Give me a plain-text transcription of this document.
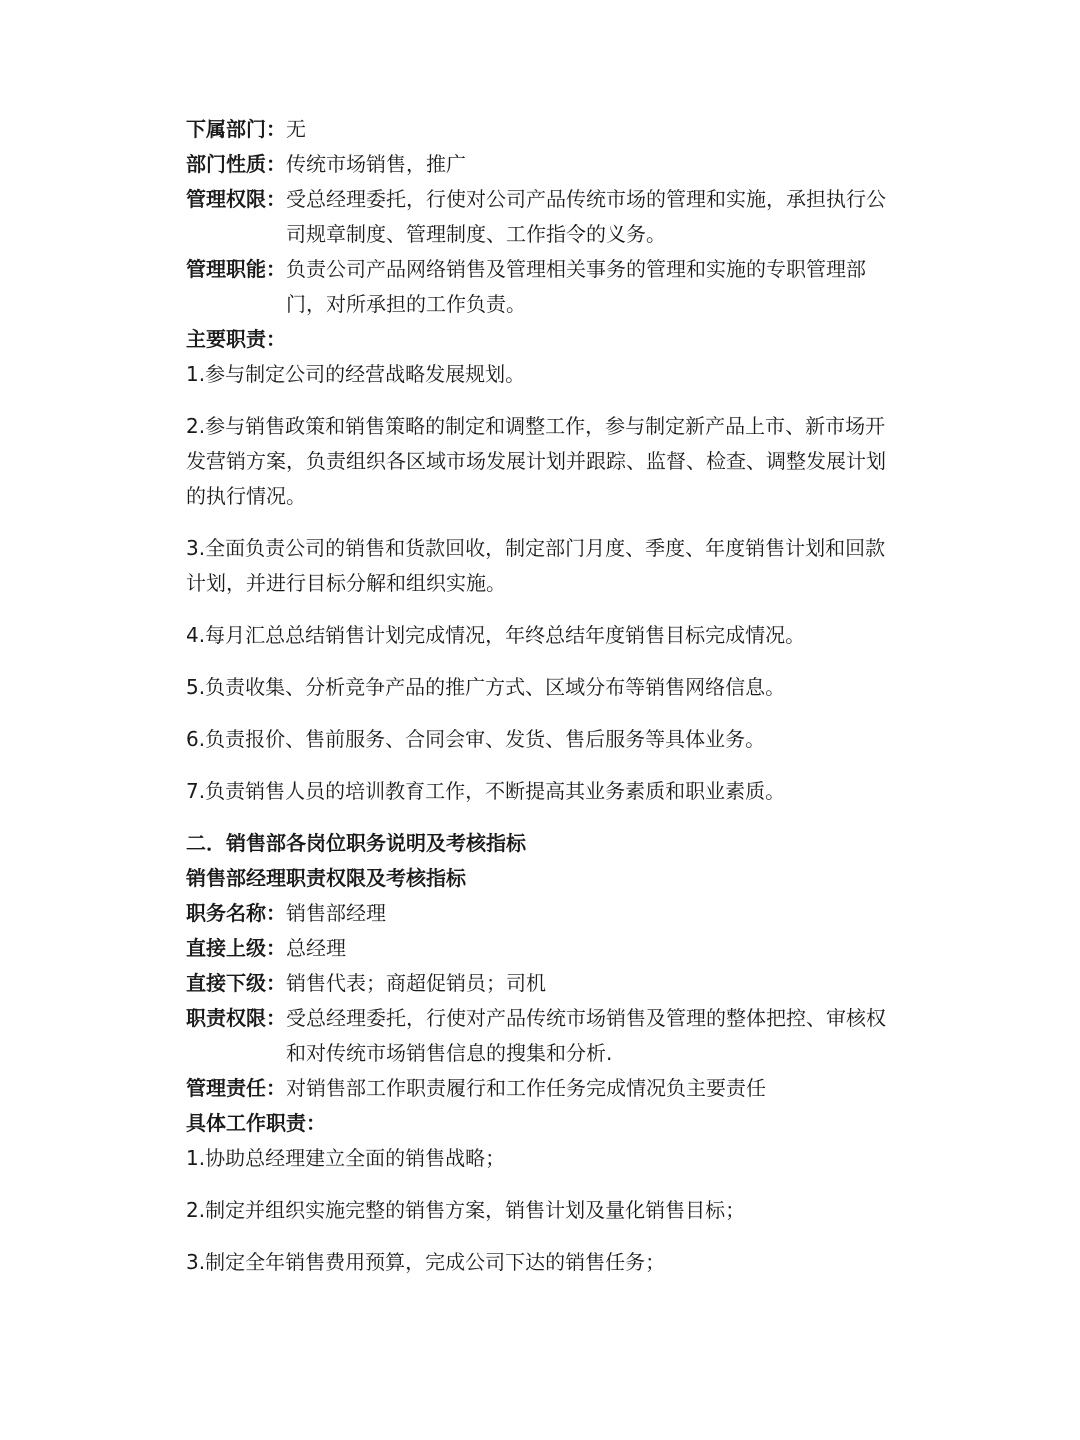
下属部门： 无
部门性质： 传统市场销售，推广
管理权限： 受总经理委托，行使对公司产品传统市场的管理和实施，承担执行公司规章制度、管理制度、工作指令的义务。
管理职能： 负责公司产品网络销售及管理相关事务的管理和实施的专职管理部门，对所承担的工作负责。
主要职责：
1.参与制定公司的经营战略发展规划。
2.参与销售政策和销售策略的制定和调整工作，参与制定新产品上市、新市场开发营销方案，负责组织各区域市场发展计划并跟踪、监督、检查、调整发展计划的执行情况。
3.全面负责公司的销售和货款回收，制定部门月度、季度、年度销售计划和回款计划，并进行目标分解和组织实施。
4.每月汇总总结销售计划完成情况，年终总结年度销售目标完成情况。
5.负责收集、分析竞争产品的推广方式、区域分布等销售网络信息。
6.负责报价、售前服务、合同会审、发货、售后服务等具体业务。
7.负责销售人员的培训教育工作，不断提高其业务素质和职业素质。
二．销售部各岗位职务说明及考核指标
销售部经理职责权限及考核指标
职务名称： 销售部经理
直接上级： 总经理
直接下级： 销售代表；商超促销员；司机
职责权限： 受总经理委托，行使对产品传统市场销售及管理的整体把控、审核权和对传统市场销售信息的搜集和分析.
管理责任： 对销售部工作职责履行和工作任务完成情况负主要责任
具体工作职责：
1.协助总经理建立全面的销售战略；
2.制定并组织实施完整的销售方案，销售计划及量化销售目标；
3.制定全年销售费用预算，完成公司下达的销售任务；
